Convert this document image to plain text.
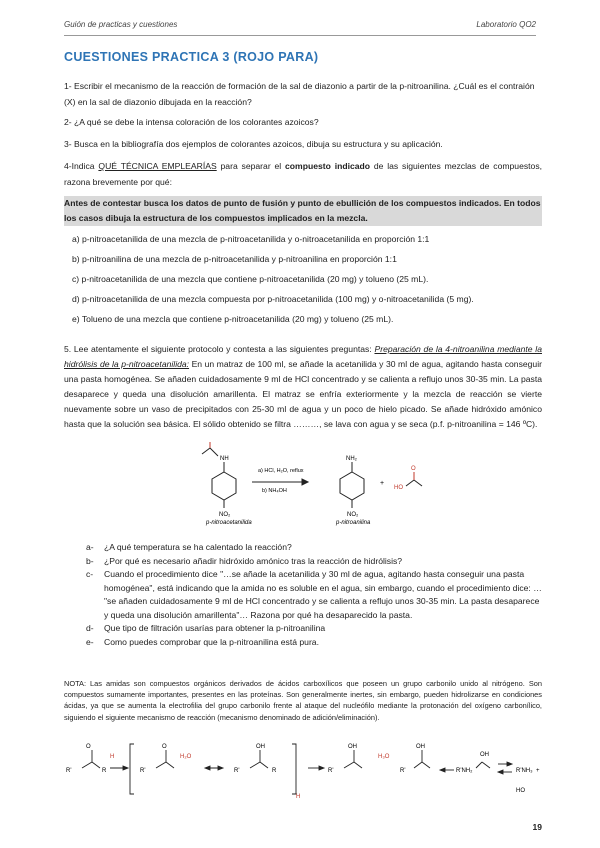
Guión de practicas y cuestiones	Laboratorio QO2
CUESTIONES PRACTICA 3 (ROJO PARA)
1- Escribir el mecanismo de la reacción de formación de la sal de diazonio a partir de la p-nitroanilina. ¿Cuál es el contraión (X) en la sal de diazonio dibujada en la reacción?
2- ¿A qué se debe la intensa coloración de los colorantes azoicos?
3- Busca en la bibliografía dos ejemplos de colorantes azoicos, dibuja su estructura y su aplicación.
4-Indica QUÉ TÉCNICA EMPLEARÍAS para separar el compuesto indicado de las siguientes mezclas de compuestos, razona brevemente por qué:
Antes de contestar busca los datos de punto de fusión y punto de ebullición de los compuestos indicados. En todos los casos dibuja la estructura de los compuestos implicados en la mezcla.
a) p-nitroacetanilida de una mezcla de p-nitroacetanilida y o-nitroacetanilida en proporción 1:1
b) p-nitroanilina de una mezcla de p-nitroacetanilida y p-nitroanilina en proporción 1:1
c) p-nitroacetanilida de una mezcla que contiene p-nitroacetanilida (20 mg) y tolueno (25 mL).
d) p-nitroacetanilida de una mezcla compuesta por p-nitroacetanilida (100 mg) y o-nitroacetanilida (5 mg).
e) Tolueno de una mezcla que contiene p-nitroacetanilida (20 mg) y tolueno (25 mL).
5. Lee atentamente el siguiente protocolo y contesta a las siguientes preguntas: Preparación de la 4-nitroanilina mediante la hidrólisis de la p-nitroacetanilida: En un matraz de 100 ml, se añade la acetanilida y 30 ml de agua, agitando hasta conseguir una pasta homogénea. Se añaden cuidadosamente 9 ml de HCl concentrado y se calienta a reflujo unos 30-35 min. La pasta desaparece y queda una disolución amarillenta. El matraz se enfría exteriormente y la mezcla de reacción se vierte nuevamente sobre un vaso de precipitados con 25-30 ml de agua y un poco de hielo picado. Se añade hidróxido amónico hasta que la solución sea básica. El sólido obtenido se filtra ………, se lava con agua y se seca (p.f. p-nitroanilina = 146 ºC).
NH
NO₂
a) HCl, H₂O, reflux
b) NH₄OH
NH₂
NO₂
+
HO
O
p-nitroacetanilida	p-nitroanilina
a-	¿A qué temperatura se ha calentado la reacción?
b-	¿Por qué es necesario añadir hidróxido amónico tras la reacción de hidrólisis?
c-	Cuando el procedimiento dice "…se añade la acetanilida y 30 ml de agua, agitando hasta conseguir una pasta homogénea", está indicando que la amida no es soluble en el agua, sin embargo, cuando el procedimiento dice: … "se añaden cuidadosamente 9 ml de HCl concentrado y se calienta a reflujo unos 30-35 min. La pasta desaparece y queda una disolución amarillenta"… Razona por qué ha desaparecido la pasta.
d-	Que tipo de filtración usarías para obtener la p-nitroanilina
e-	Como puedes comprobar que la p-nitroanilina está pura.
NOTA: Las amidas son compuestos orgánicos derivados de ácidos carboxílicos que poseen un grupo carbonilo unido al nitrógeno. Son compuestos sumamente importantes, presentes en las proteínas. Son generalmente inertes, sin embargo, pueden hidrolizarse en condiciones ácidas, ya que se aumenta la electrofilia del grupo carbonilo frente al ataque del nucleófilo mediante la protonación del oxígeno carbonílico, siguiendo el siguiente mecanismo de reacción (mecanismo denominado de adición/eliminación).
O
R'	R
H
R'
O
H₂O
R'
OH
R
H
R'
OH
H₃O
OH
R'	R'NH₂
OH
R'NH₃
HO
+
19
